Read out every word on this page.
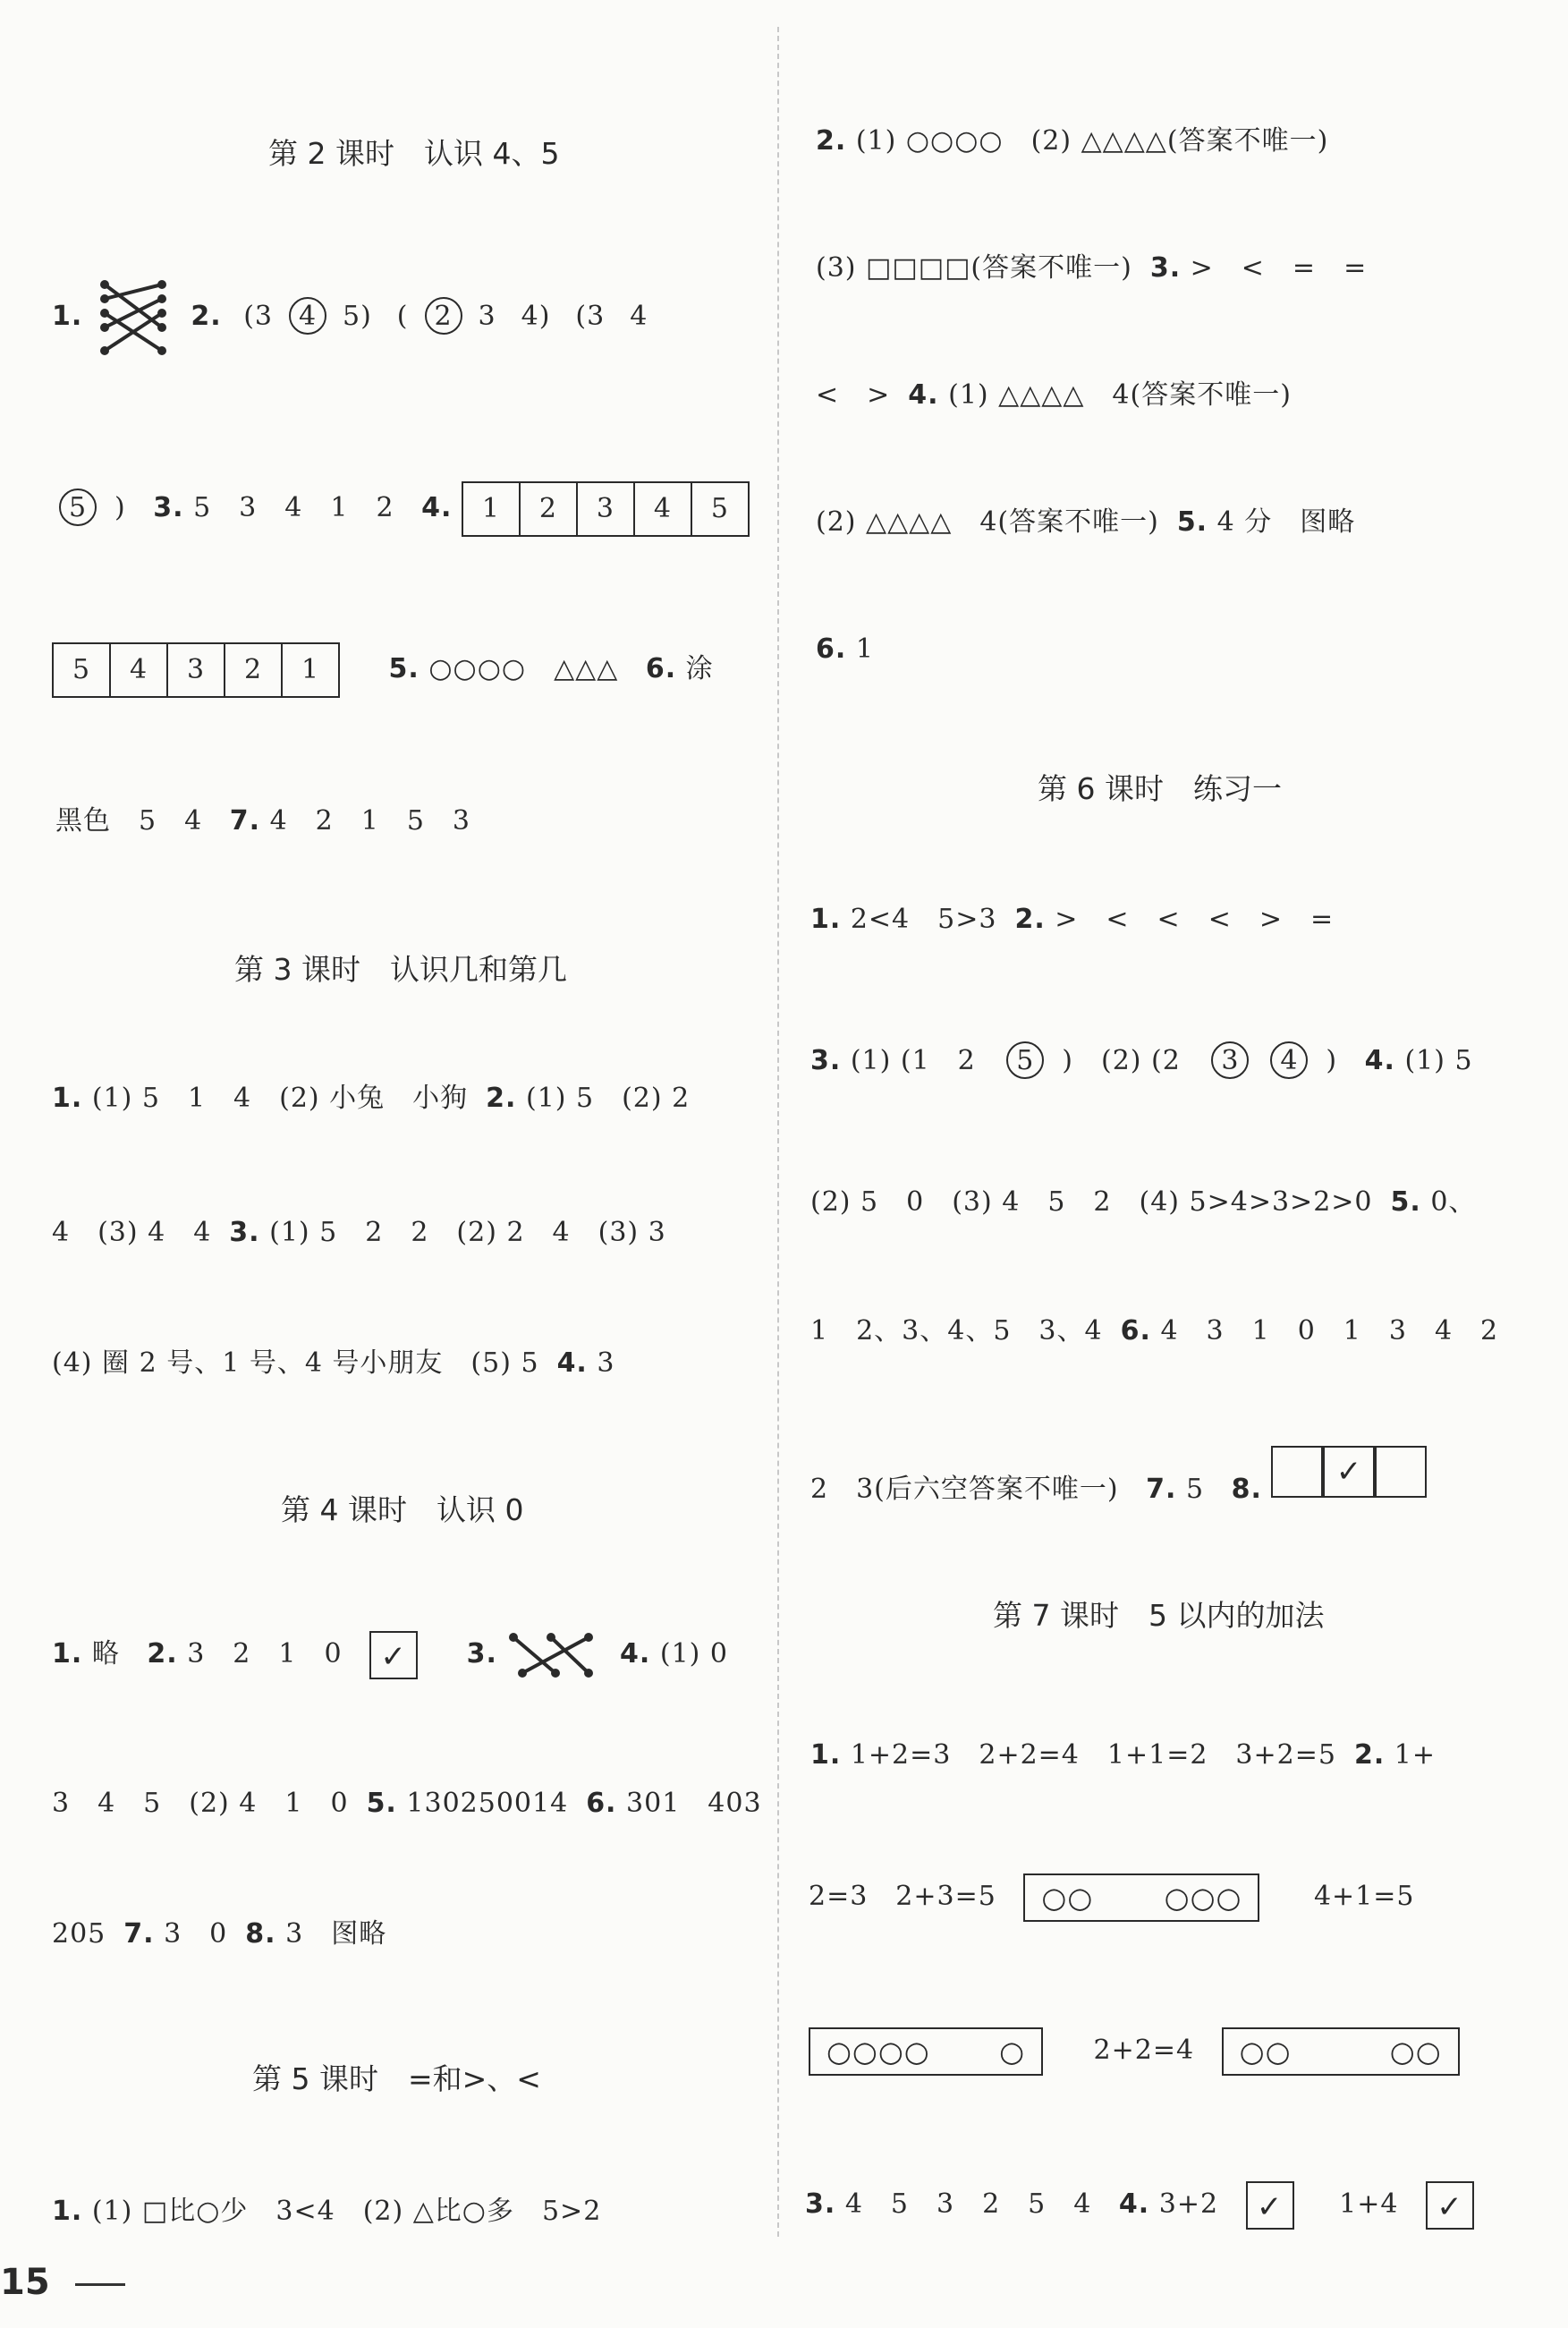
第 2 课时　认识 4、5
1.	2. (3 4 5) ( 2 3 4) (3 4
5 ) 3. 5　3　4　1　2 4.	1	2	3	4	5
5	4	3	2	1	5. ○○○○　△△△ 6. 涂
黑色　5　4 7. 4　2　1　5　3
第 3 课时　认识几和第几
1. (1) 5　1　4　(2) 小兔　小狗 2. (1) 5　(2) 2
4　(3) 4　4 3. (1) 5　2　2　(2) 2　4　(3) 3
(4) 圈 2 号、1 号、4 号小朋友　(5) 5 4. 3
第 4 课时　认识 0
1. 略 2. 3　2　1　0 ✓ 3.	4. (1) 0
3　4　5　(2) 4　1　0 5. 130250014 6. 301　403
205 7. 3　0 8. 3　图略
第 5 课时　=和>、<
1. (1) □比○少　3<4　(2) △比○多　5>2
15
2. (1) ○○○○　(2) △△△△(答案不唯一)
(3) □□□□(答案不唯一) 3. >　<　=　=
<　> 4. (1) △△△△　4(答案不唯一)
(2) △△△△　4(答案不唯一) 5. 4 分　图略
6. 1
第 6 课时　练习一
1. 2<4　5>3 2. >　<　<　<　>　=
3. (1) (1　2 5 )　(2) (2 3 4 ) 4. (1) 5
(2) 5　0　(3) 4　5　2　(4) 5>4>3>2>0 5. 0、
1　2、3、4、5　3、4 6. 4　3　1　0　1　3　4　2
2　3(后六空答案不唯一) 7. 5 8.	✓
第 7 课时　5 以内的加法
1. 1+2=3　2+2=4　1+1=2　3+2=5 2. 1+
2=3　2+3=5 ○○ ○○○	4+1=5
○○○○ ○	2+2=4 ○○	○○
3. 4　5　3　2　5　4 4. 3+2 ✓ 1+4 ✓
